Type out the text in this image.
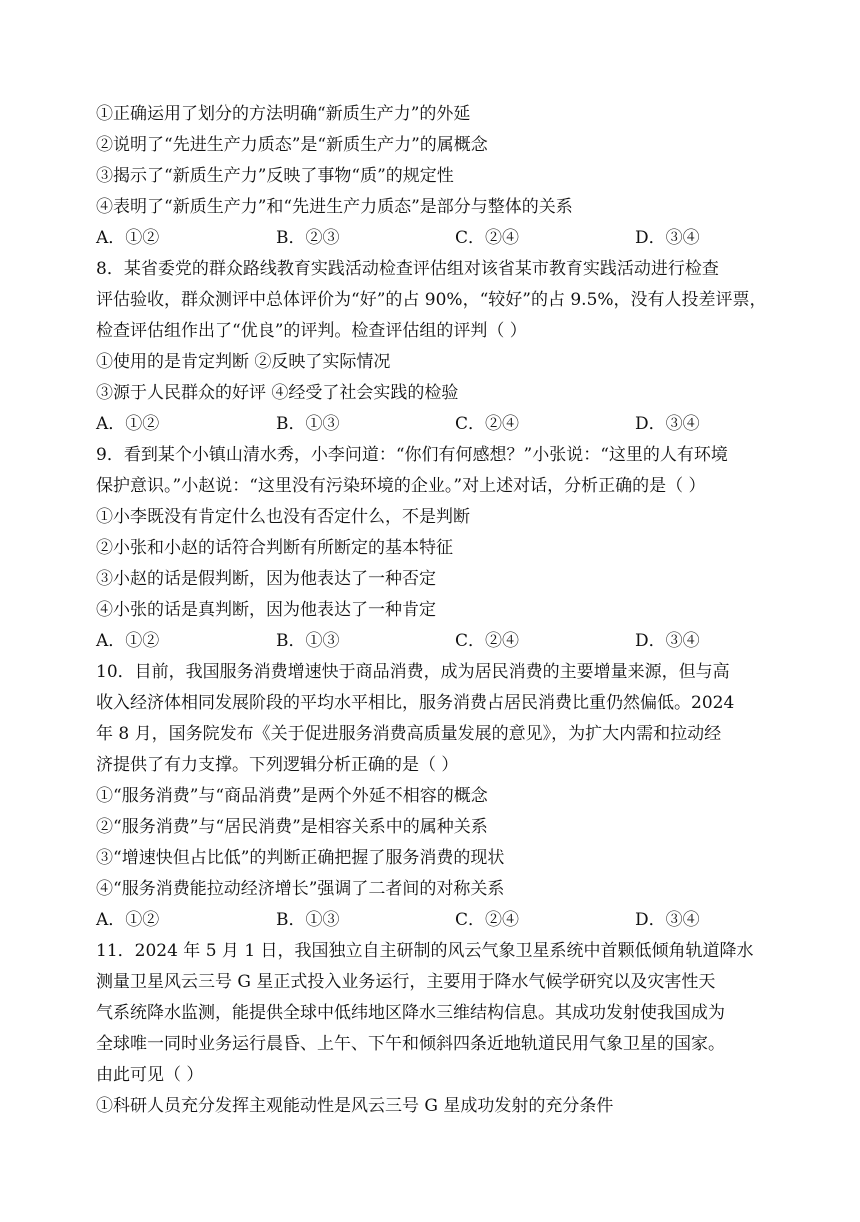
①正确运用了划分的方法明确“新质生产力”的外延
②说明了“先进生产力质态”是“新质生产力”的属概念
③揭示了“新质生产力”反映了事物“质”的规定性
④表明了“新质生产力”和“先进生产力质态”是部分与整体的关系
A．①②	B．②③	C．②④	D．③④
8．某省委党的群众路线教育实践活动检查评估组对该省某市教育实践活动进行检查
评估验收，群众测评中总体评价为“好”的占 90%，“较好”的占 9.5%，没有人投差评票，
检查评估组作出了“优良”的评判。检查评估组的评判（ ）
①使用的是肯定判断 ②反映了实际情况
③源于人民群众的好评 ④经受了社会实践的检验
A．①②	B．①③	C．②④	D．③④
9．看到某个小镇山清水秀，小李问道：“你们有何感想？”小张说：“这里的人有环境
保护意识。”小赵说：“这里没有污染环境的企业。”对上述对话，分析正确的是（ ）
①小李既没有肯定什么也没有否定什么，不是判断
②小张和小赵的话符合判断有所断定的基本特征
③小赵的话是假判断，因为他表达了一种否定
④小张的话是真判断，因为他表达了一种肯定
A．①②	B．①③	C．②④	D．③④
10．目前，我国服务消费增速快于商品消费，成为居民消费的主要增量来源，但与高
收入经济体相同发展阶段的平均水平相比，服务消费占居民消费比重仍然偏低。2024
年 8 月，国务院发布《关于促进服务消费高质量发展的意见》，为扩大内需和拉动经
济提供了有力支撑。下列逻辑分析正确的是（ ）
①“服务消费”与“商品消费”是两个外延不相容的概念
②“服务消费”与“居民消费”是相容关系中的属种关系
③“增速快但占比低”的判断正确把握了服务消费的现状
④“服务消费能拉动经济增长”强调了二者间的对称关系
A．①②	B．①③	C．②④	D．③④
11．2024 年 5 月 1 日，我国独立自主研制的风云气象卫星系统中首颗低倾角轨道降水
测量卫星风云三号 G 星正式投入业务运行，主要用于降水气候学研究以及灾害性天
气系统降水监测，能提供全球中低纬地区降水三维结构信息。其成功发射使我国成为
全球唯一同时业务运行晨昏、上午、下午和倾斜四条近地轨道民用气象卫星的国家。
由此可见（ ）
①科研人员充分发挥主观能动性是风云三号 G 星成功发射的充分条件
